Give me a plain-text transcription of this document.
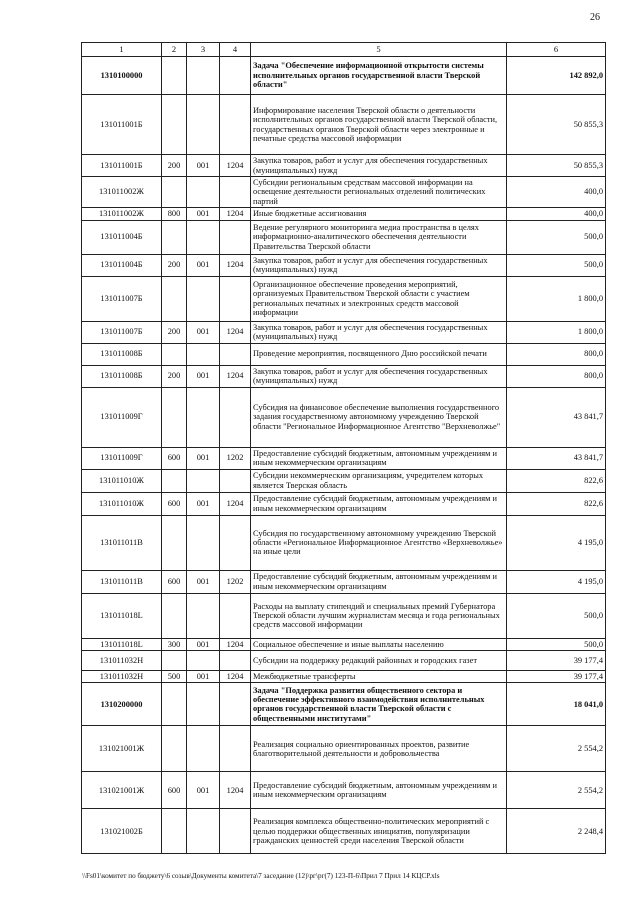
26
1	2	3	4	5	6
1310100000				Задача "Обеспечение информационной открытости системы исполнительных органов государственной власти Тверской области"	142 892,0
131011001Б				Информирование населения Тверской области о деятельности исполнительных органов государственной власти Тверской области, государственных органов Тверской области через электронные и печатные средства массовой информации	50 855,3
131011001Б	200	001	1204	Закупка товаров, работ и услуг для обеспечения государственных (муниципальных) нужд	50 855,3
131011002Ж				Субсидии региональным средствам массовой информации на освещение деятельности региональных отделений политических партий	400,0
131011002Ж	800	001	1204	Иные бюджетные ассигнования	400,0
131011004Б				Ведение регулярного мониторинга медиа пространства в целях информационно-аналитического обеспечения деятельности Правительства Тверской области	500,0
131011004Б	200	001	1204	Закупка товаров, работ и услуг для обеспечения государственных (муниципальных) нужд	500,0
131011007Б				Организационное обеспечение проведения мероприятий, организуемых Правительством Тверской области с участием региональных печатных и электронных средств массовой информации	1 800,0
131011007Б	200	001	1204	Закупка товаров, работ и услуг для обеспечения государственных (муниципальных) нужд	1 800,0
131011008Б				Проведение мероприятия, посвященного Дню российской печати	800,0
131011008Б	200	001	1204	Закупка товаров, работ и услуг для обеспечения государственных (муниципальных) нужд	800,0
131011009Г				Субсидия на финансовое обеспечение выполнения государственного задания государственному автономному учреждению Тверской области "Региональное Информационное Агентство "Верхневолжье"	43 841,7
131011009Г	600	001	1202	Предоставление субсидий бюджетным, автономным учреждениям и иным некоммерческим организациям	43 841,7
131011010Ж				Субсидии некоммерческим организациям, учредителем которых является Тверская область	822,6
131011010Ж	600	001	1204	Предоставление субсидий бюджетным, автономным учреждениям и иным некоммерческим организациям	822,6
131011011В				Субсидия по государственному автономному учреждению Тверской области «Региональное Информационное Агентство «Верхневолжье» на иные цели	4 195,0
131011011В	600	001	1202	Предоставление субсидий бюджетным, автономным учреждениям и иным некоммерческим организациям	4 195,0
131011018L				Расходы на выплату стипендий и специальных премий Губернатора Тверской области лучшим журналистам месяца и года региональных средств массовой информации	500,0
131011018L	300	001	1204	Социальное обеспечение и иные выплаты населению	500,0
131011032Н				Субсидии на поддержку редакций районных и городских газет	39 177,4
131011032Н	500	001	1204	Межбюджетные трансферты	39 177,4
1310200000				Задача "Поддержка развития общественного сектора и обеспечение эффективного взаимодействия исполнительных органов государственной власти Тверской области с общественными институтами"	18 041,0
131021001Ж				Реализация социально ориентированных проектов, развитие благотворительной деятельности и добровольчества	2 554,2
131021001Ж	600	001	1204	Предоставление субсидий бюджетным, автономным учреждениям и иным некоммерческим организациям	2 554,2
131021002Б				Реализация комплекса общественно-политических мероприятий с целью поддержки общественных инициатив, популяризации гражданских ценностей среди населения Тверской области	2 248,4
\\Fs01\комитет по бюджету\6 созыв\Документы комитета\7 заседание (12)\рг\рг(7) 123-П-6\Прил 7 Прил 14 КЦСР.xls
